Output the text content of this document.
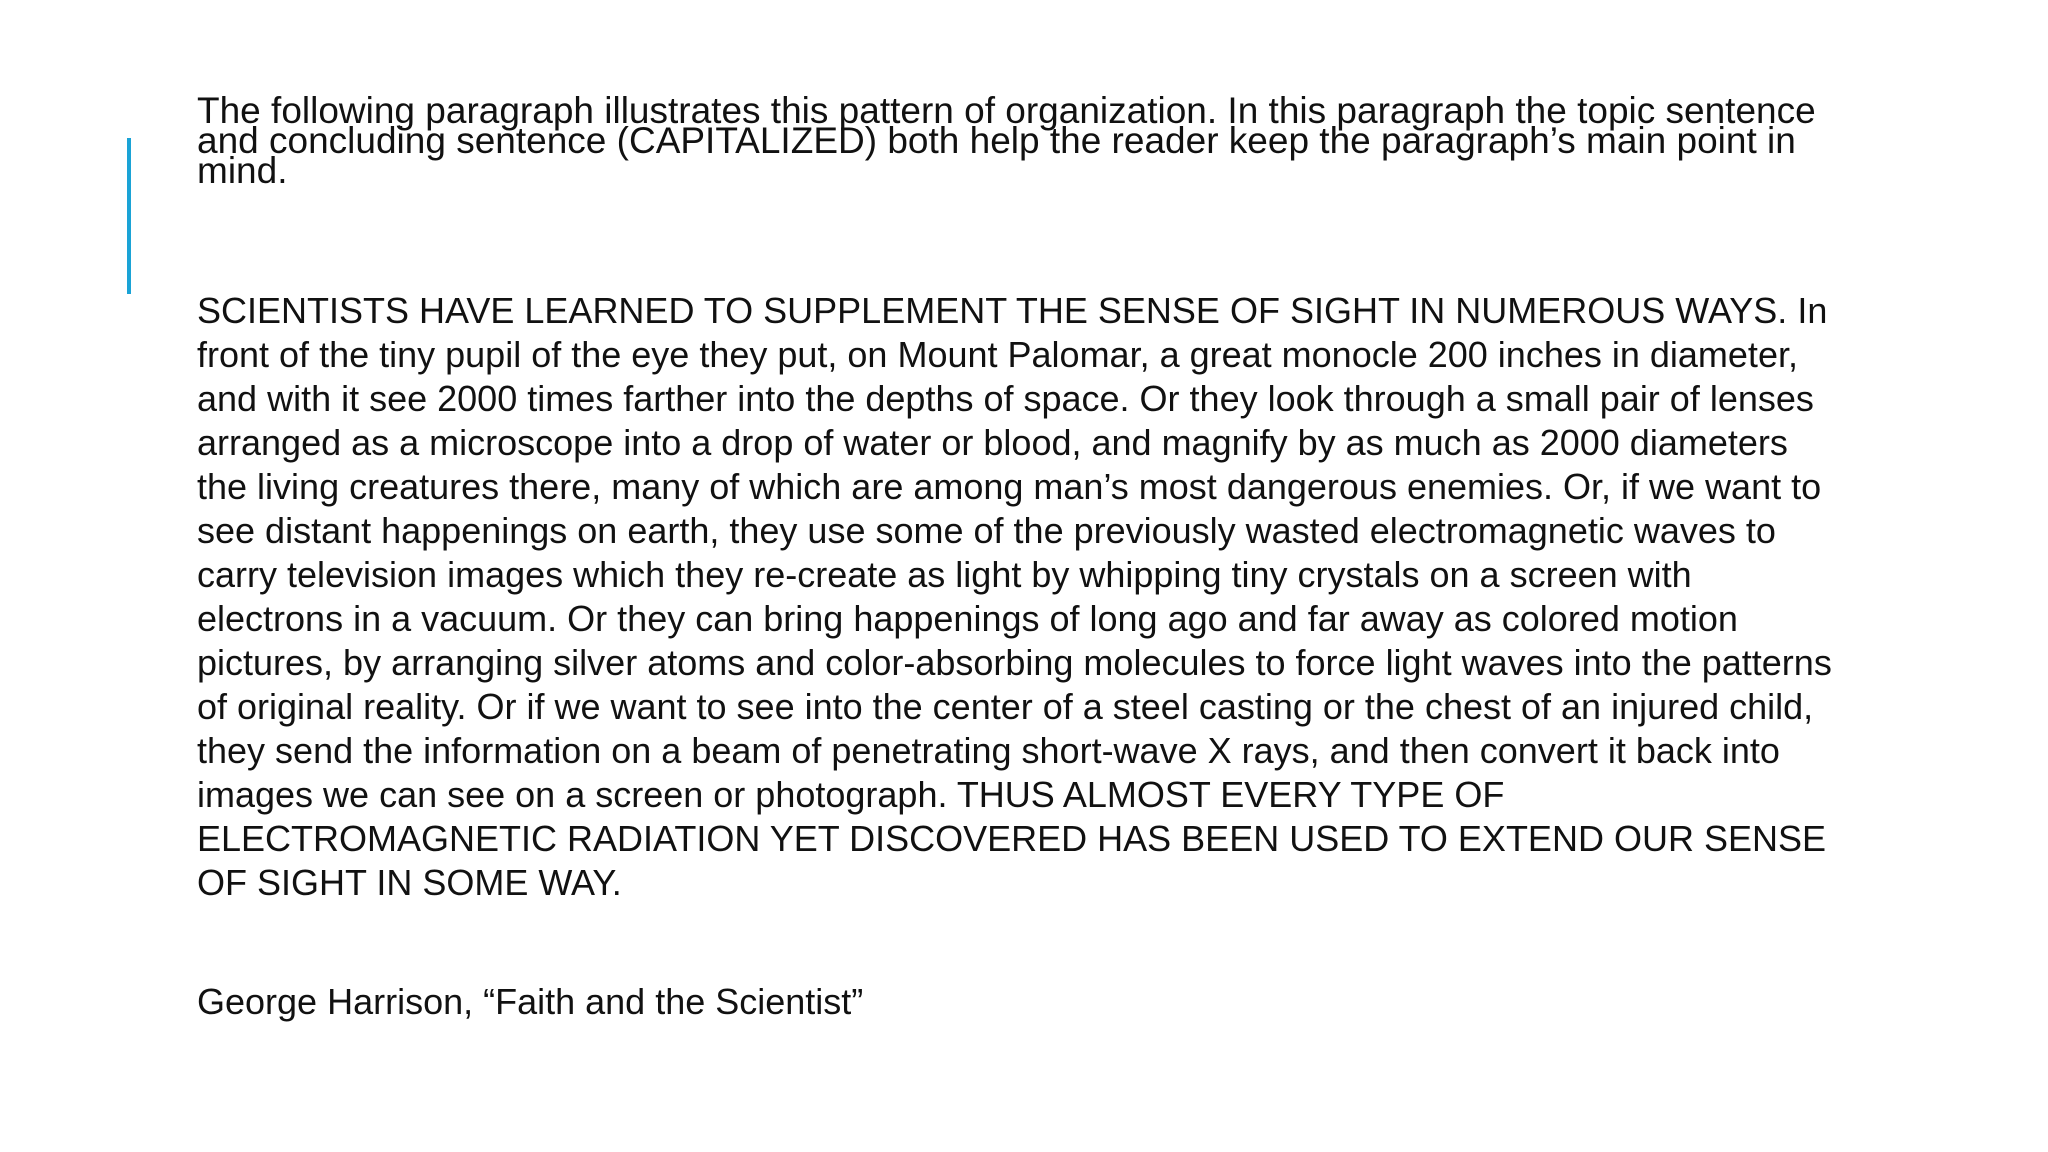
The following paragraph illustrates this pattern of organization. In this paragraph the topic sentence and concluding sentence (CAPITALIZED) both help the reader keep the paragraph’s main point in mind.

SCIENTISTS HAVE LEARNED TO SUPPLEMENT THE SENSE OF SIGHT IN NUMEROUS WAYS. In front of the tiny pupil of the eye they put, on Mount Palomar, a great monocle 200 inches in diameter, and with it see 2000 times farther into the depths of space. Or they look through a small pair of lenses arranged as a microscope into a drop of water or blood, and magnify by as much as 2000 diameters the living creatures there, many of which are among man’s most dangerous enemies. Or, if we want to see distant happenings on earth, they use some of the previously wasted electromagnetic waves to carry television images which they re-create as light by whipping tiny crystals on a screen with electrons in a vacuum. Or they can bring happenings of long ago and far away as colored motion pictures, by arranging silver atoms and color-absorbing molecules to force light waves into the patterns of original reality. Or if we want to see into the center of a steel casting or the chest of an injured child, they send the information on a beam of penetrating short-wave X rays, and then convert it back into images we can see on a screen or photograph. THUS ALMOST EVERY TYPE OF ELECTROMAGNETIC RADIATION YET DISCOVERED HAS BEEN USED TO EXTEND OUR SENSE OF SIGHT IN SOME WAY.

George Harrison, “Faith and the Scientist”
